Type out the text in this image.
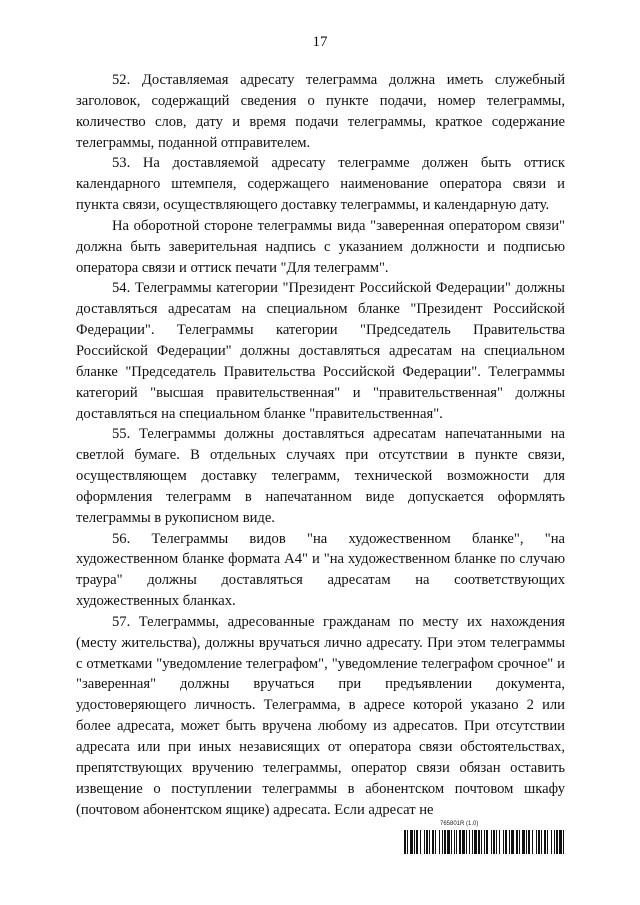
17

52. Доставляемая адресату телеграмма должна иметь служебный заголовок, содержащий сведения о пункте подачи, номер телеграммы, количество слов, дату и время подачи телеграммы, краткое содержание телеграммы, поданной отправителем.

53. На доставляемой адресату телеграмме должен быть оттиск календарного штемпеля, содержащего наименование оператора связи и пункта связи, осуществляющего доставку телеграммы, и календарную дату.

На оборотной стороне телеграммы вида "заверенная оператором связи" должна быть заверительная надпись с указанием должности и подписью оператора связи и оттиск печати "Для телеграмм".

54. Телеграммы категории "Президент Российской Федерации" должны доставляться адресатам на специальном бланке "Президент Российской Федерации". Телеграммы категории "Председатель Правительства Российской Федерации" должны доставляться адресатам на специальном бланке "Председатель Правительства Российской Федерации". Телеграммы категорий "высшая правительственная" и "правительственная" должны доставляться на специальном бланке "правительственная".

55. Телеграммы должны доставляться адресатам напечатанными на светлой бумаге. В отдельных случаях при отсутствии в пункте связи, осуществляющем доставку телеграмм, технической возможности для оформления телеграмм в напечатанном виде допускается оформлять телеграммы в рукописном виде.

56. Телеграммы видов "на художественном бланке", "на художественном бланке формата А4" и "на художественном бланке по случаю траура" должны доставляться адресатам на соответствующих художественных бланках.

57. Телеграммы, адресованные гражданам по месту их нахождения (месту жительства), должны вручаться лично адресату. При этом телеграммы с отметками "уведомление телеграфом", "уведомление телеграфом срочное" и "заверенная" должны вручаться при предъявлении документа, удостоверяющего личность. Телеграмма, в адресе которой указано 2 или более адресата, может быть вручена любому из адресатов. При отсутствии адресата или при иных независящих от оператора связи обстоятельствах, препятствующих вручению телеграммы, оператор связи обязан оставить извещение о поступлении телеграммы в абонентском почтовом шкафу (почтовом абонентском ящике) адресата. Если адресат не

765801R (1.0)
